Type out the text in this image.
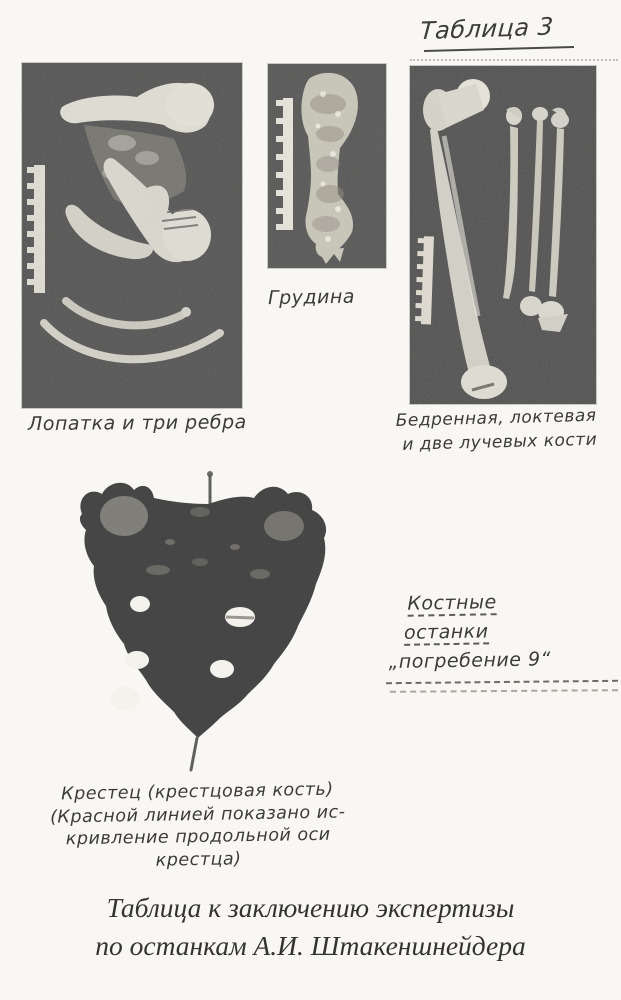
Таблица 3
Лопатка и три ребра
Грудина
Бедренная, локтевая
и две лучевых кости
Костные
останки
„погребение 9“
Крестец (крестцовая кость)
(Красной линией показано ис-
кривление продольной оси
крестца)
Таблица к заключению экспертизы
по останкам А.И. Штакеншнейдера
